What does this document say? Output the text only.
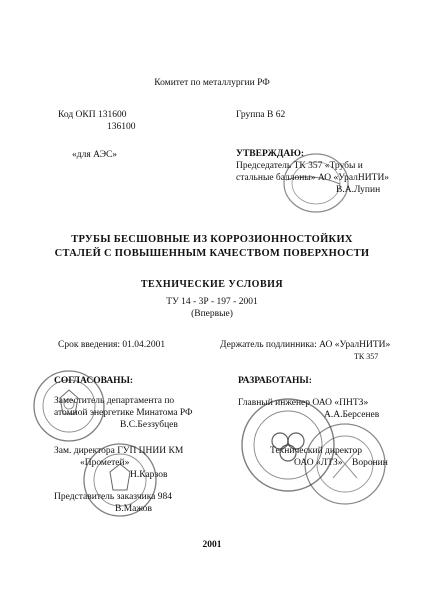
Комитет по металлургии РФ
Код ОКП 131600
136100
Группа В 62
«для АЭС»	УТВЕРЖДАЮ:
Председатель ТК 357 «Трубы и
стальные баллоны» АО «УралНИТИ»
В.А.Лупин
ТРУБЫ БЕСШОВНЫЕ ИЗ КОРРОЗИОННОСТОЙКИХ
СТАЛЕЙ С ПОВЫШЕННЫМ КАЧЕСТВОМ ПОВЕРХНОСТИ
ТЕХНИЧЕСКИЕ УСЛОВИЯ
ТУ 14 - 3Р - 197 - 2001
(Впервые)
Срок введения: 01.04.2001	Держатель подлинника: АО «УралНИТИ»
ТК 357
СОГЛАСОВАНЫ:
Заместитель департамента по
атомной энергетике Минатома РФ
В.С.Беззубцев
Зам. директора ГУП ЦНИИ КМ
«Прометей»
Н.Карзов
Представитель заказчика 984
В.Мажов
РАЗРАБОТАНЫ:
Главный инженер ОАО «ПНТЗ»
А.А.Берсенев
Технический директор
ОАО «ЛТЗ» Воронин
2001
